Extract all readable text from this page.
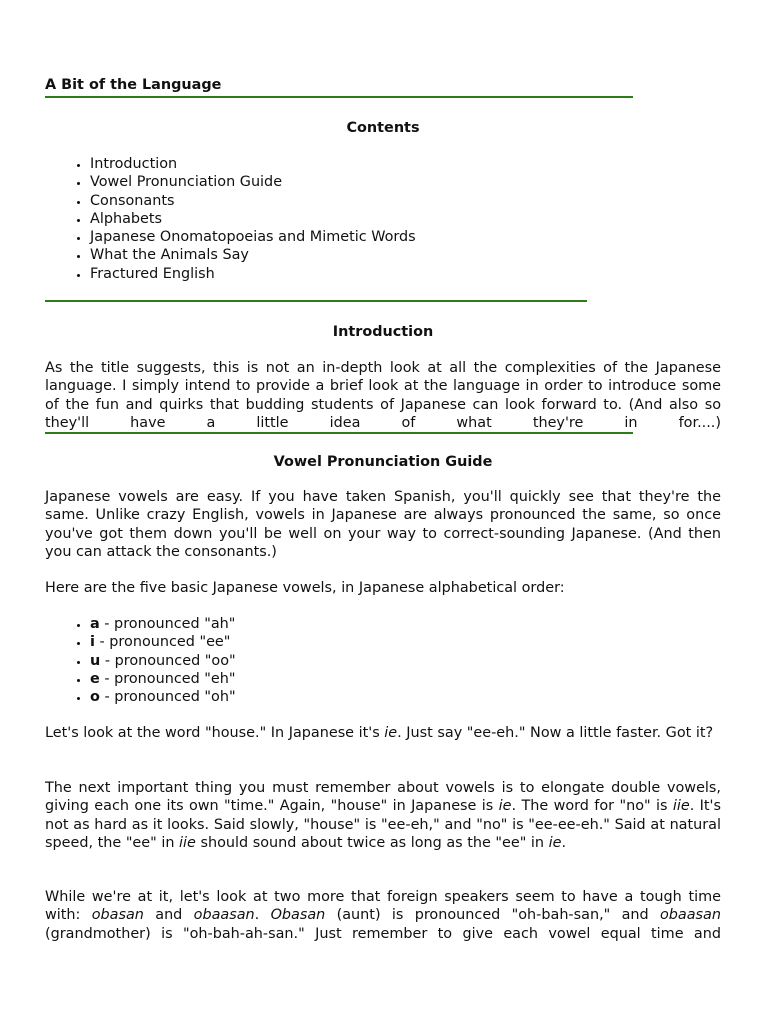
A Bit of the Language
Contents
• Introduction
• Vowel Pronunciation Guide
• Consonants
• Alphabets
• Japanese Onomatopoeias and Mimetic Words
• What the Animals Say
• Fractured English
Introduction

As the title suggests, this is not an in-depth look at all the complexities of the Japanese language. I simply intend to provide a brief look at the language in order to introduce some of the fun and quirks that budding students of Japanese can look forward to. (And also so they'll have a little idea of what they're in for....)

Vowel Pronunciation Guide

Japanese vowels are easy. If you have taken Spanish, you'll quickly see that they're the same. Unlike crazy English, vowels in Japanese are always pronounced the same, so once you've got them down you'll be well on your way to correct-sounding Japanese. (And then you can attack the consonants.)

Here are the five basic Japanese vowels, in Japanese alphabetical order:

• a - pronounced "ah"
• i - pronounced "ee"
• u - pronounced "oo"
• e - pronounced "eh"
• o - pronounced "oh"

Let's look at the word "house." In Japanese it's ie. Just say "ee-eh." Now a little faster. Got it?

The next important thing you must remember about vowels is to elongate double vowels, giving each one its own "time." Again, "house" in Japanese is ie. The word for "no" is iie. It's not as hard as it looks. Said slowly, "house" is "ee-eh," and "no" is "ee-ee-eh." Said at natural speed, the "ee" in iie should sound about twice as long as the "ee" in ie.

While we're at it, let's look at two more that foreign speakers seem to have a tough time with: obasan and obaasan. Obasan (aunt) is pronounced "oh-bah-san," and obaasan (grandmother) is "oh-bah-ah-san." Just remember to give each vowel equal time and
